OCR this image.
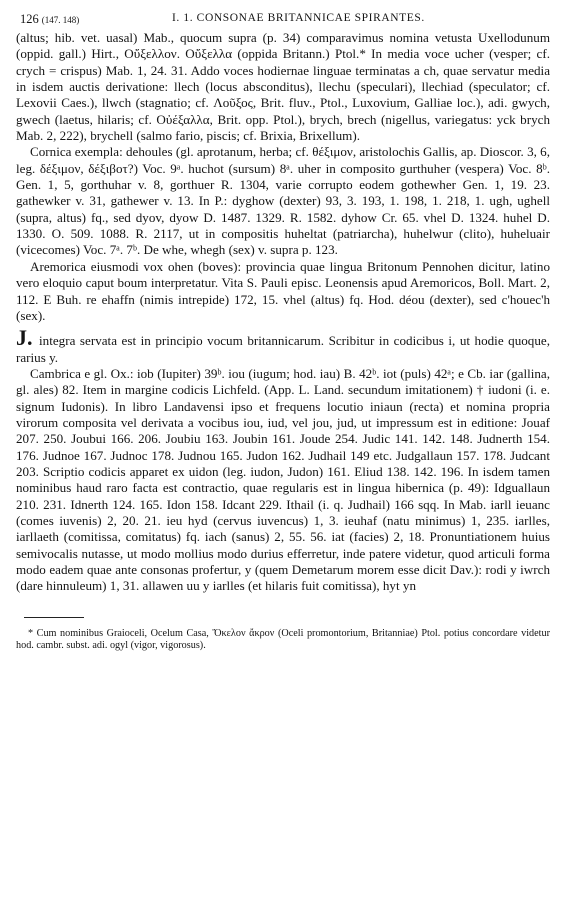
126 (147. 148)	I. 1. CONSONAE BRITANNICAE SPIRANTES.

(altus; hib. vet. uasal) Mab., quocum supra (p. 34) comparavimus nomina vetusta Uxellodunum (oppid. gall.) Hirt., Οὔξελλον. Οὔξελλα (oppida Britann.) Ptol.* In media voce ucher (vesper; cf. crych = crispus) Mab. 1, 24. 31. Addo voces hodiernae linguae terminatas a ch, quae servatur media in isdem auctis derivatione: llech (locus absconditus), llechu (speculari), llechiad (speculator; cf. Lexovii Caes.), llwch (stagnatio; cf. Λοῦξος, Brit. fluv., Ptol., Luxovium, Galliae loc.), adi. gwych, gwech (laetus, hilaris; cf. Οὐέξαλλα, Brit. opp. Ptol.), brych, brech (nigellus, variegatus: yck brych Mab. 2, 222), brychell (salmo fario, piscis; cf. Brixia, Brixellum).

Cornica exempla: dehoules (gl. aprotanum, herba; cf. θέξιμον, aristolochis Gallis, ap. Dioscor. 3, 6, leg. δέξιμον, δέξιβοτ?) Voc. 9ᵃ. huchot (sursum) 8ᵃ. uher in composito gurthuher (vespera) Voc. 8ᵇ. Gen. 1, 5, gorthuhar v. 8, gorthuer R. 1304, varie corrupto eodem gothewher Gen. 1, 19. 23. gathewker v. 31, gathewer v. 13. In P.: dyghow (dexter) 93, 3. 193, 1. 198, 1. 218, 1. ugh, ughell (supra, altus) fq., sed dyov, dyow D. 1487. 1329. R. 1582. dyhow Cr. 65. vhel D. 1324. huhel D. 1330. O. 509. 1088. R. 2117, ut in compositis huheltat (patriarcha), huhelwur (clito), huheluair (vicecomes) Voc. 7ᵃ. 7ᵇ. De whe, whegh (sex) v. supra p. 123.

Aremorica eiusmodi vox ohen (boves): provincia quae lingua Britonum Pennohen dicitur, latino vero eloquio caput boum interpretatur. Vita S. Pauli episc. Leonensis apud Aremoricos, Boll. Mart. 2, 112. E Buh. re ehaffn (nimis intrepide) 172, 15. vhel (altus) fq. Hod. déou (dexter), sed c'houec'h (sex).

J. integra servata est in principio vocum britannicarum. Scribitur in codicibus i, ut hodie quoque, rarius y.

Cambrica e gl. Ox.: iob (Iupiter) 39ᵇ. iou (iugum; hod. iau) B. 42ᵇ. iot (puls) 42ᵃ; e Cb. iar (gallina, gl. ales) 82. Item in margine codicis Lichfeld. (App. L. Land. secundum imitationem) † iudoni (i. e. signum Iudonis). In libro Landavensi ipso et frequens locutio iniaun (recta) et nomina propria virorum composita vel derivata a vocibus iou, iud, vel jou, jud, ut impressum est in editione: Jouaf 207. 250. Joubui 166. 206. Joubiu 163. Joubin 161. Joude 254. Judic 141. 142. 148. Judnerth 154. 176. Judnoe 167. Judnoc 178. Judnou 165. Judon 162. Judhail 149 etc. Judgallaun 157. 178. Judcant 203. Scriptio codicis apparet ex uidon (leg. iudon, Judon) 161. Eliud 138. 142. 196. In isdem tamen nominibus haud raro facta est contractio, quae regularis est in lingua hibernica (p. 49): Idguallaun 210. 231. Idnerth 124. 165. Idon 158. Idcant 229. Ithail (i. q. Judhail) 166 sqq. In Mab. iarll ieuanc (comes iuvenis) 2, 20. 21. ieu hyd (cervus iuvencus) 1, 3. ieuhaf (natu minimus) 1, 235. iarlles, iarllaeth (comitissa, comitatus) fq. iach (sanus) 2, 55. 56. iat (facies) 2, 18. Pronuntiationem huius semivocalis nutasse, ut modo mollius modo durius efferretur, inde patere videtur, quod articuli forma modo eadem quae ante consonas profertur, y (quem Demetarum morem esse dicit Dav.): rodi y iwrch (dare hinnuleum) 1, 31. allawen uu y iarlles (et hilaris fuit comitissa), hyt yn

* Cum nominibus Graioceli, Ocelum Casa, Ὄκελον ἄκρον (Oceli promontorium, Britanniae) Ptol. potius concordare videtur hod. cambr. subst. adi. ogyl (vigor, vigorosus).
